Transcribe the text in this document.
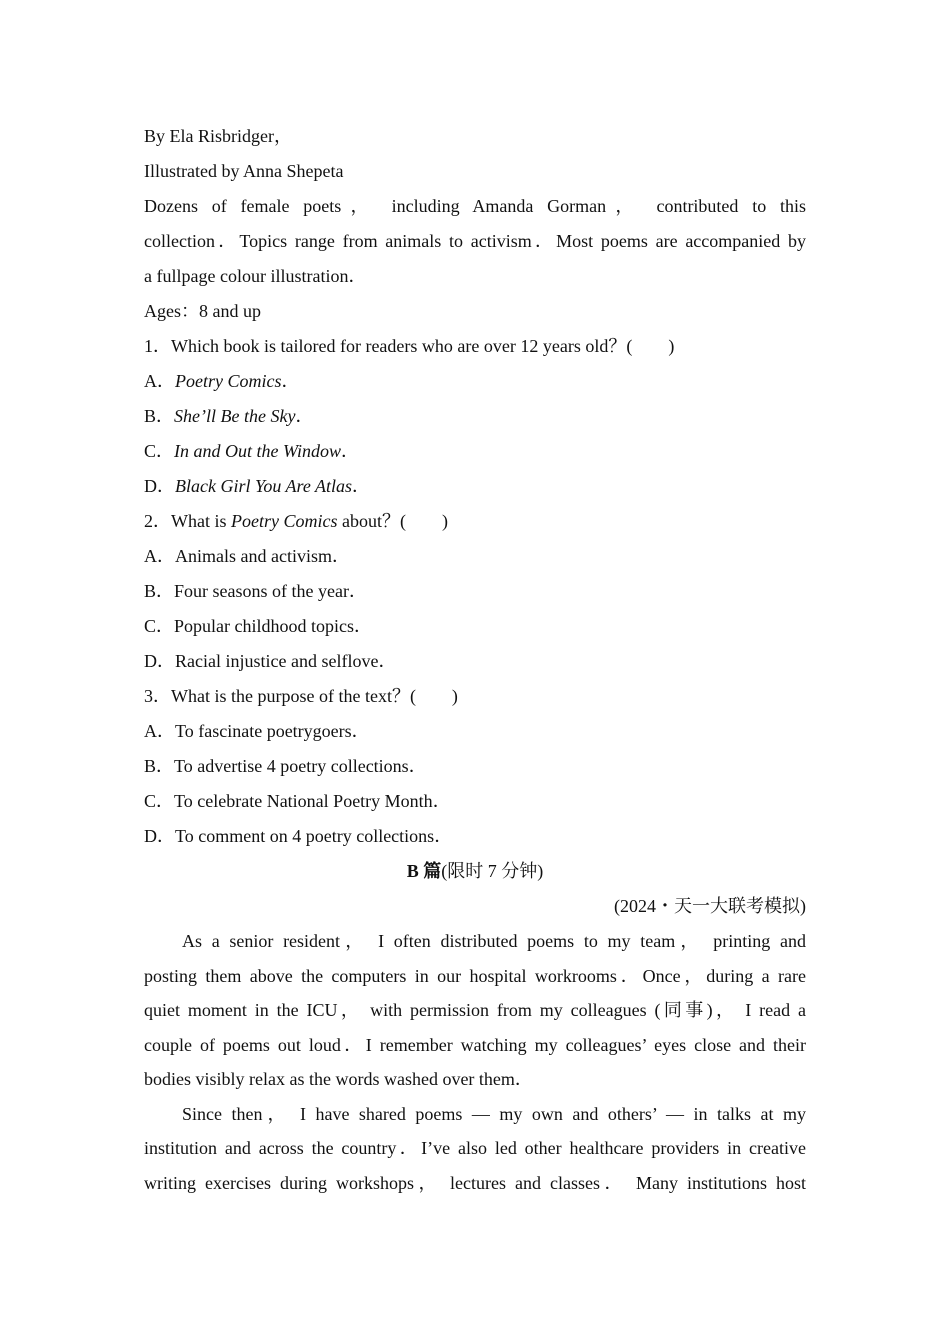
By Ela Risbridger，
Illustrated by Anna Shepeta
Dozens of female poets， including Amanda Gorman， contributed to this
collection．Topics range from animals to activism．Most poems are accompanied by
a fullpage colour illustration．
Ages：8 and up
1．Which book is tailored for readers who are over 12 years old？(　　)
A．Poetry Comics．
B．She’ll Be the Sky．
C．In and Out the Window．
D．Black Girl You Are Atlas．
2．What is Poetry Comics about？(　　)
A．Animals and activism．
B．Four seasons of the year．
C．Popular childhood topics．
D．Racial injustice and selflove．
3．What is the purpose of the text？(　　)
A．To fascinate poetrygoers．
B．To advertise 4 poetry collections．
C．To celebrate National Poetry Month．
D．To comment on 4 poetry collections．
B 篇(限时 7 分钟)
(2024・天一大联考模拟)
As a senior resident， I often distributed poems to my team， printing and
posting them above the computers in our hospital workrooms．Once，during a rare
quiet moment in the ICU， with permission from my colleagues (同事)， I read a
couple of poems out loud．I remember watching my colleagues’ eyes close and their
bodies visibly relax as the words washed over them．
Since then， I have shared poems — my own and others’ — in talks at my
institution and across the country．I’ve also led other healthcare providers in creative
writing exercises during workshops， lectures and classes． Many institutions host
